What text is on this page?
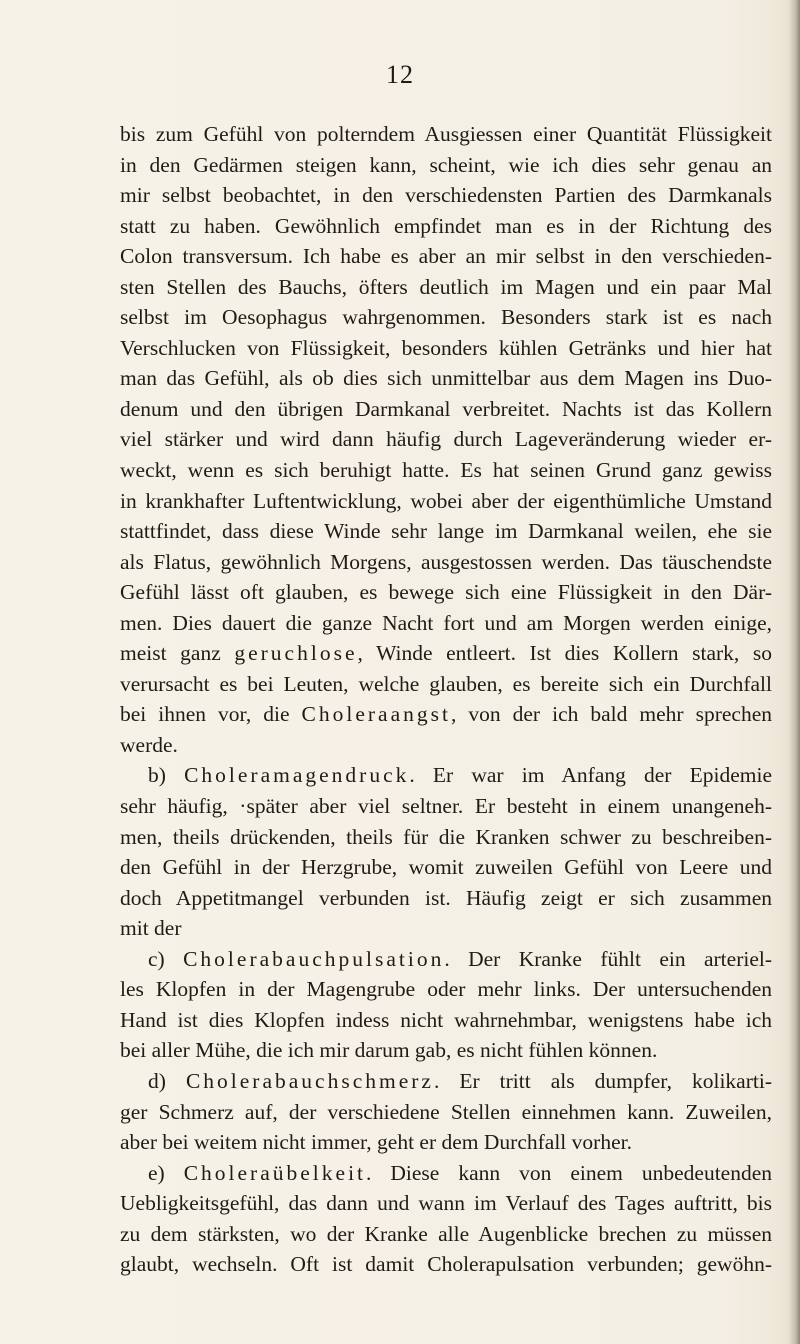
12
bis zum Gefühl von polterndem Ausgiessen einer Quantität Flüssigkeit
in den Gedärmen steigen kann, scheint, wie ich dies sehr genau an
mir selbst beobachtet, in den verschiedensten Partien des Darmkanals
statt zu haben. Gewöhnlich empfindet man es in der Richtung des
Colon transversum. Ich habe es aber an mir selbst in den verschieden-
sten Stellen des Bauchs, öfters deutlich im Magen und ein paar Mal
selbst im Oesophagus wahrgenommen. Besonders stark ist es nach
Verschlucken von Flüssigkeit, besonders kühlen Getränks und hier hat
man das Gefühl, als ob dies sich unmittelbar aus dem Magen ins Duo-
denum und den übrigen Darmkanal verbreitet. Nachts ist das Kollern
viel stärker und wird dann häufig durch Lageveränderung wieder er-
weckt, wenn es sich beruhigt hatte. Es hat seinen Grund ganz gewiss
in krankhafter Luftentwicklung, wobei aber der eigenthümliche Umstand
stattfindet, dass diese Winde sehr lange im Darmkanal weilen, ehe sie
als Flatus, gewöhnlich Morgens, ausgestossen werden. Das täuschendste
Gefühl lässt oft glauben, es bewege sich eine Flüssigkeit in den Där-
men. Dies dauert die ganze Nacht fort und am Morgen werden einige,
meist ganz geruchlose, Winde entleert. Ist dies Kollern stark, so
verursacht es bei Leuten, welche glauben, es bereite sich ein Durchfall
bei ihnen vor, die Choleraangst, von der ich bald mehr sprechen
werde.
b) Choleramagendruck. Er war im Anfang der Epidemie
sehr häufig, ·später aber viel seltner. Er besteht in einem unangeneh-
men, theils drückenden, theils für die Kranken schwer zu beschreiben-
den Gefühl in der Herzgrube, womit zuweilen Gefühl von Leere und
doch Appetitmangel verbunden ist. Häufig zeigt er sich zusammen
mit der
c) Cholerabauchpulsation. Der Kranke fühlt ein arteriel-
les Klopfen in der Magengrube oder mehr links. Der untersuchenden
Hand ist dies Klopfen indess nicht wahrnehmbar, wenigstens habe ich
bei aller Mühe, die ich mir darum gab, es nicht fühlen können.
d) Cholerabauchschmerz. Er tritt als dumpfer, kolikarti-
ger Schmerz auf, der verschiedene Stellen einnehmen kann. Zuweilen,
aber bei weitem nicht immer, geht er dem Durchfall vorher.
e) Choleraübelkeit. Diese kann von einem unbedeutenden
Uebligkeitsgefühl, das dann und wann im Verlauf des Tages auftritt, bis
zu dem stärksten, wo der Kranke alle Augenblicke brechen zu müssen
glaubt, wechseln. Oft ist damit Cholerapulsation verbunden; gewöhn-
